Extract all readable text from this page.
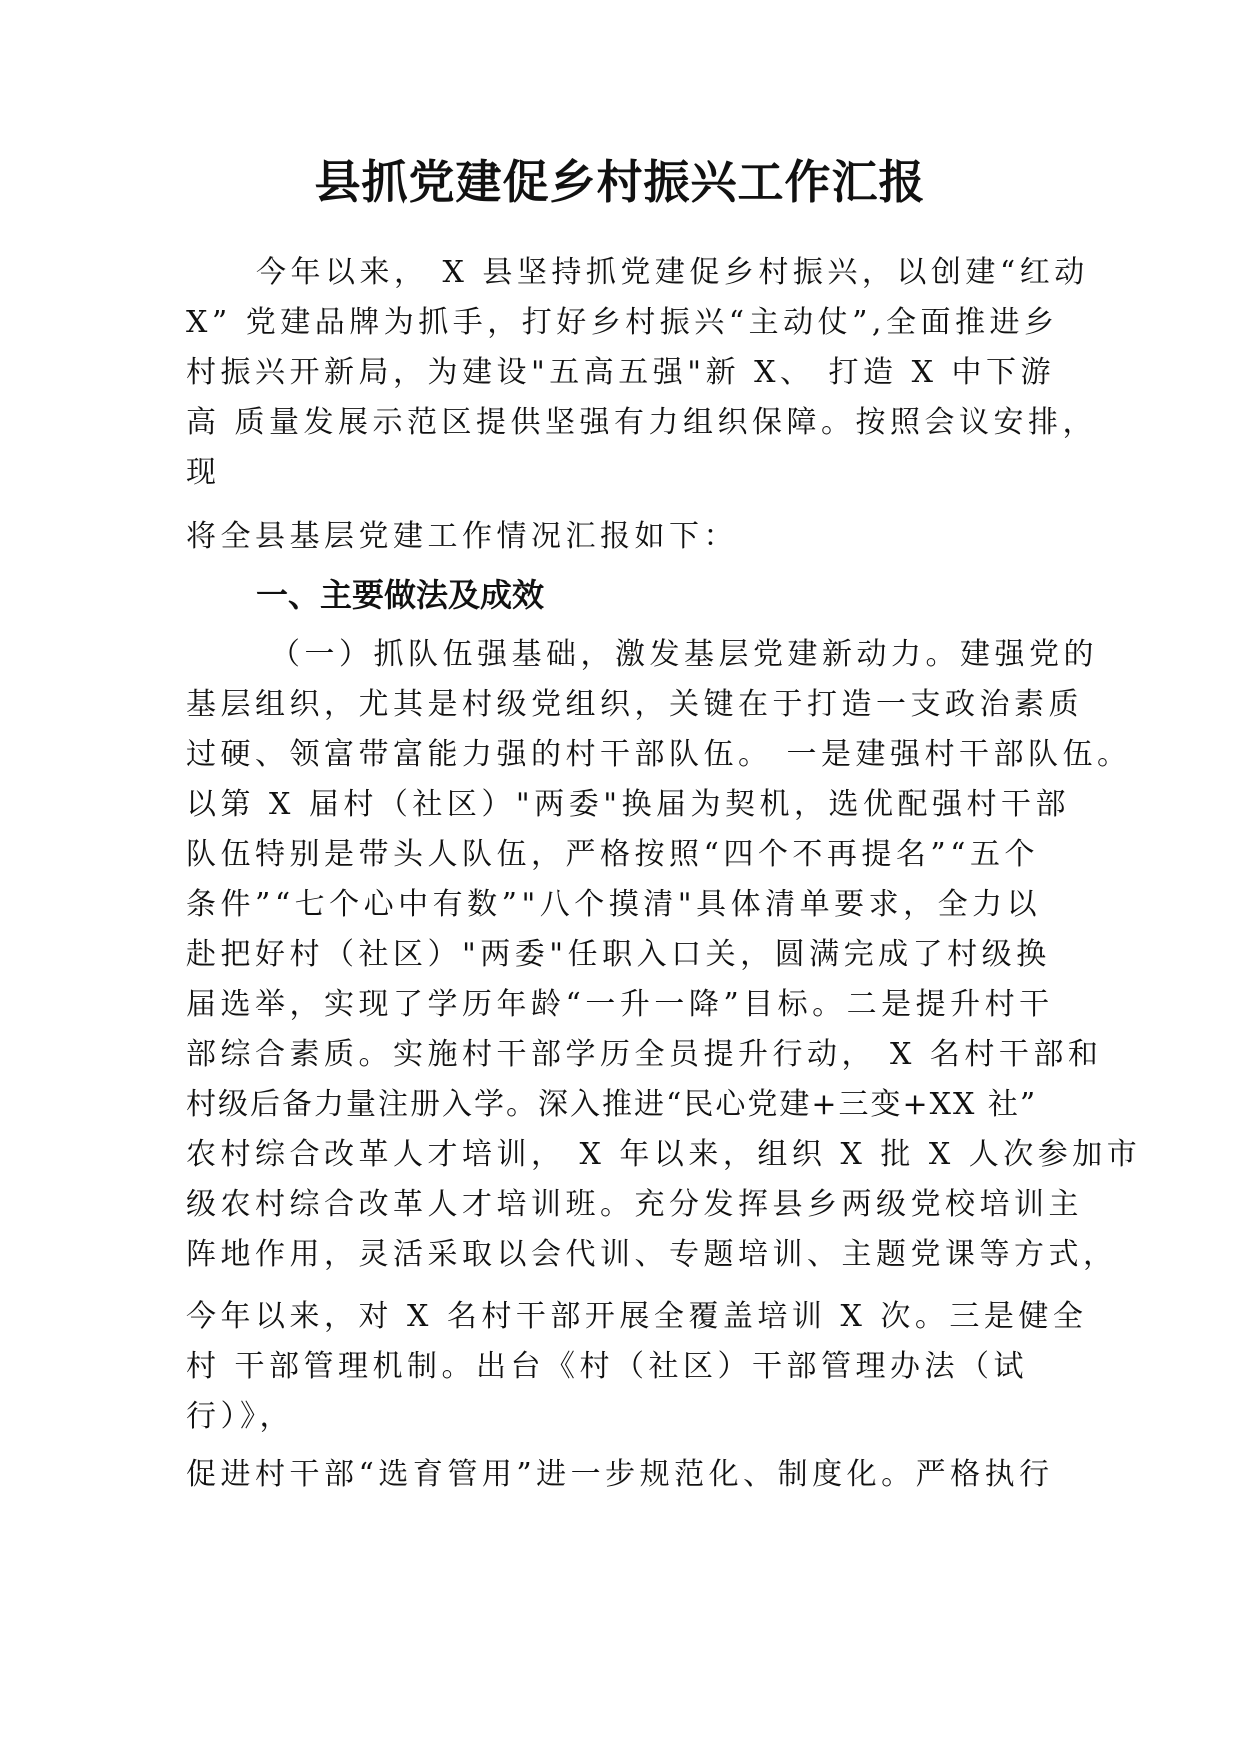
县抓党建促乡村振兴工作汇报
今年以来， X 县坚持抓党建促乡村振兴，以创建“红动
X” 党建品牌为抓手，打好乡村振兴“主动仗”,全面推进乡
村振兴开新局，为建设"五高五强"新 X、 打造 X 中下游
高 质量发展示范区提供坚强有力组织保障。按照会议安排，
现
将全县基层党建工作情况汇报如下：
一、主要做法及成效
（一）抓队伍强基础，激发基层党建新动力。建强党的
基层组织，尤其是村级党组织，关键在于打造一支政治素质
过硬、领富带富能力强的村干部队伍。 一是建强村干部队伍。
以第 X 届村（社区）"两委"换届为契机，选优配强村干部
队伍特别是带头人队伍，严格按照“四个不再提名”“五个
条件”“七个心中有数”"八个摸清"具体清单要求，全力以
赴把好村（社区）"两委"任职入口关，圆满完成了村级换
届选举，实现了学历年龄“一升一降”目标。二是提升村干
部综合素质。实施村干部学历全员提升行动， X 名村干部和
村级后备力量注册入学。深入推进“民心党建+三变+XX 社”
农村综合改革人才培训， X 年以来，组织 X 批 X 人次参加市
级农村综合改革人才培训班。充分发挥县乡两级党校培训主
阵地作用，灵活采取以会代训、专题培训、主题党课等方式，
今年以来，对 X 名村干部开展全覆盖培训 X 次。三是健全
村 干部管理机制。出台《村（社区）干部管理办法（试
行）》，
促进村干部“选育管用”进一步规范化、制度化。严格执行
